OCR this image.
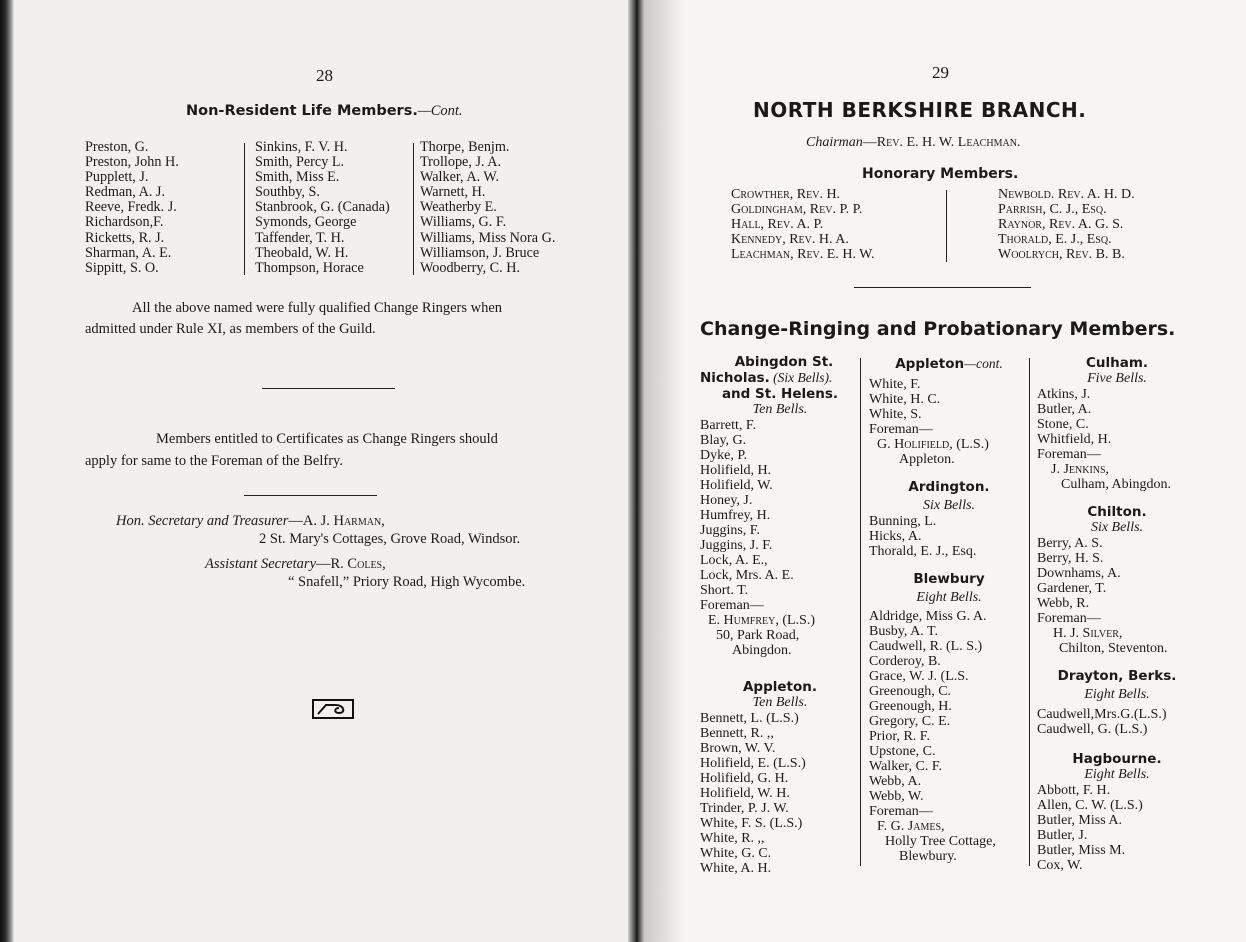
28
Non-Resident Life Members.—Cont.
Preston, G.
Preston, John H.
Pupplett, J.
Redman, A. J.
Reeve, Fredk. J.
Richardson,F.
Ricketts, R. J.
Sharman, A. E.
Sippitt, S. O.
Sinkins, F. V. H.
Smith, Percy L.
Smith, Miss E.
Southby, S.
Stanbrook, G. (Canada)
Symonds, George
Taffender, T. H.
Theobald, W. H.
Thompson, Horace
Thorpe, Benjm.
Trollope, J. A.
Walker, A. W.
Warnett, H.
Weatherby E.
Williams, G. F.
Williams, Miss Nora G.
Williamson, J. Bruce
Woodberry, C. H.
All the above named were fully qualified Change Ringers when
admitted under Rule XI, as members of the Guild.
Members entitled to Certificates as Change Ringers should
apply for same to the Foreman of the Belfry.
Hon. Secretary and Treasurer—A. J. Harman,
2 St. Mary's Cottages, Grove Road, Windsor.
Assistant Secretary—R. Coles,
“ Snafell,” Priory Road, High Wycombe.
29
NORTH BERKSHIRE BRANCH.
Chairman—Rev. E. H. W. Leachman.
Honorary Members.
Crowther, Rev. H.
Goldingham, Rev. P. P.
Hall, Rev. A. P.
Kennedy, Rev. H. A.
Leachman, Rev. E. H. W.
Newbold. Rev. A. H. D.
Parrish, C. J., Esq.
Raynor, Rev. A. G. S.
Thorald, E. J., Esq.
Woolrych, Rev. B. B.
Change-Ringing and Probationary Members.
Abingdon St.
Nicholas. (Six Bells).
and St. Helens.
Ten Bells.
Barrett, F.
Blay, G.
Dyke, P.
Holifield, H.
Holifield, W.
Honey, J.
Humfrey, H.
Juggins, F.
Juggins, J. F.
Lock, A. E.,
Lock, Mrs. A. E.
Short. T.
Foreman—
E. Humfrey, (L.S.)
50, Park Road,
Abingdon.
Appleton.
Ten Bells.
Bennett, L. (L.S.)
Bennett, R. ,,
Brown, W. V.
Holifield, E. (L.S.)
Holifield, G. H.
Holifield, W. H.
Trinder, P. J. W.
White, F. S. (L.S.)
White, R. ,,
White, G. C.
White, A. H.
Appleton—cont.
White, F.
White, H. C.
White, S.
Foreman—
G. Holifield, (L.S.)
Appleton.
Ardington.
Six Bells.
Bunning, L.
Hicks, A.
Thorald, E. J., Esq.
Blewbury
Eight Bells.
Aldridge, Miss G. A.
Busby, A. T.
Caudwell, R. (L. S.)
Corderoy, B.
Grace, W. J. (L.S.
Greenough, C.
Greenough, H.
Gregory, C. E.
Prior, R. F.
Upstone, C.
Walker, C. F.
Webb, A.
Webb, W.
Foreman—
F. G. James,
Holly Tree Cottage,
Blewbury.
Culham.
Five Bells.
Atkins, J.
Butler, A.
Stone, C.
Whitfield, H.
Foreman—
J. Jenkins,
Culham, Abingdon.
Chilton.
Six Bells.
Berry, A. S.
Berry, H. S.
Downhams, A.
Gardener, T.
Webb, R.
Foreman—
H. J. Silver,
Chilton, Steventon.
Drayton, Berks.
Eight Bells.
Caudwell,Mrs.G.(L.S.)
Caudwell, G. (L.S.)
Hagbourne.
Eight Bells.
Abbott, F. H.
Allen, C. W. (L.S.)
Butler, Miss A.
Butler, J.
Butler, Miss M.
Cox, W.
